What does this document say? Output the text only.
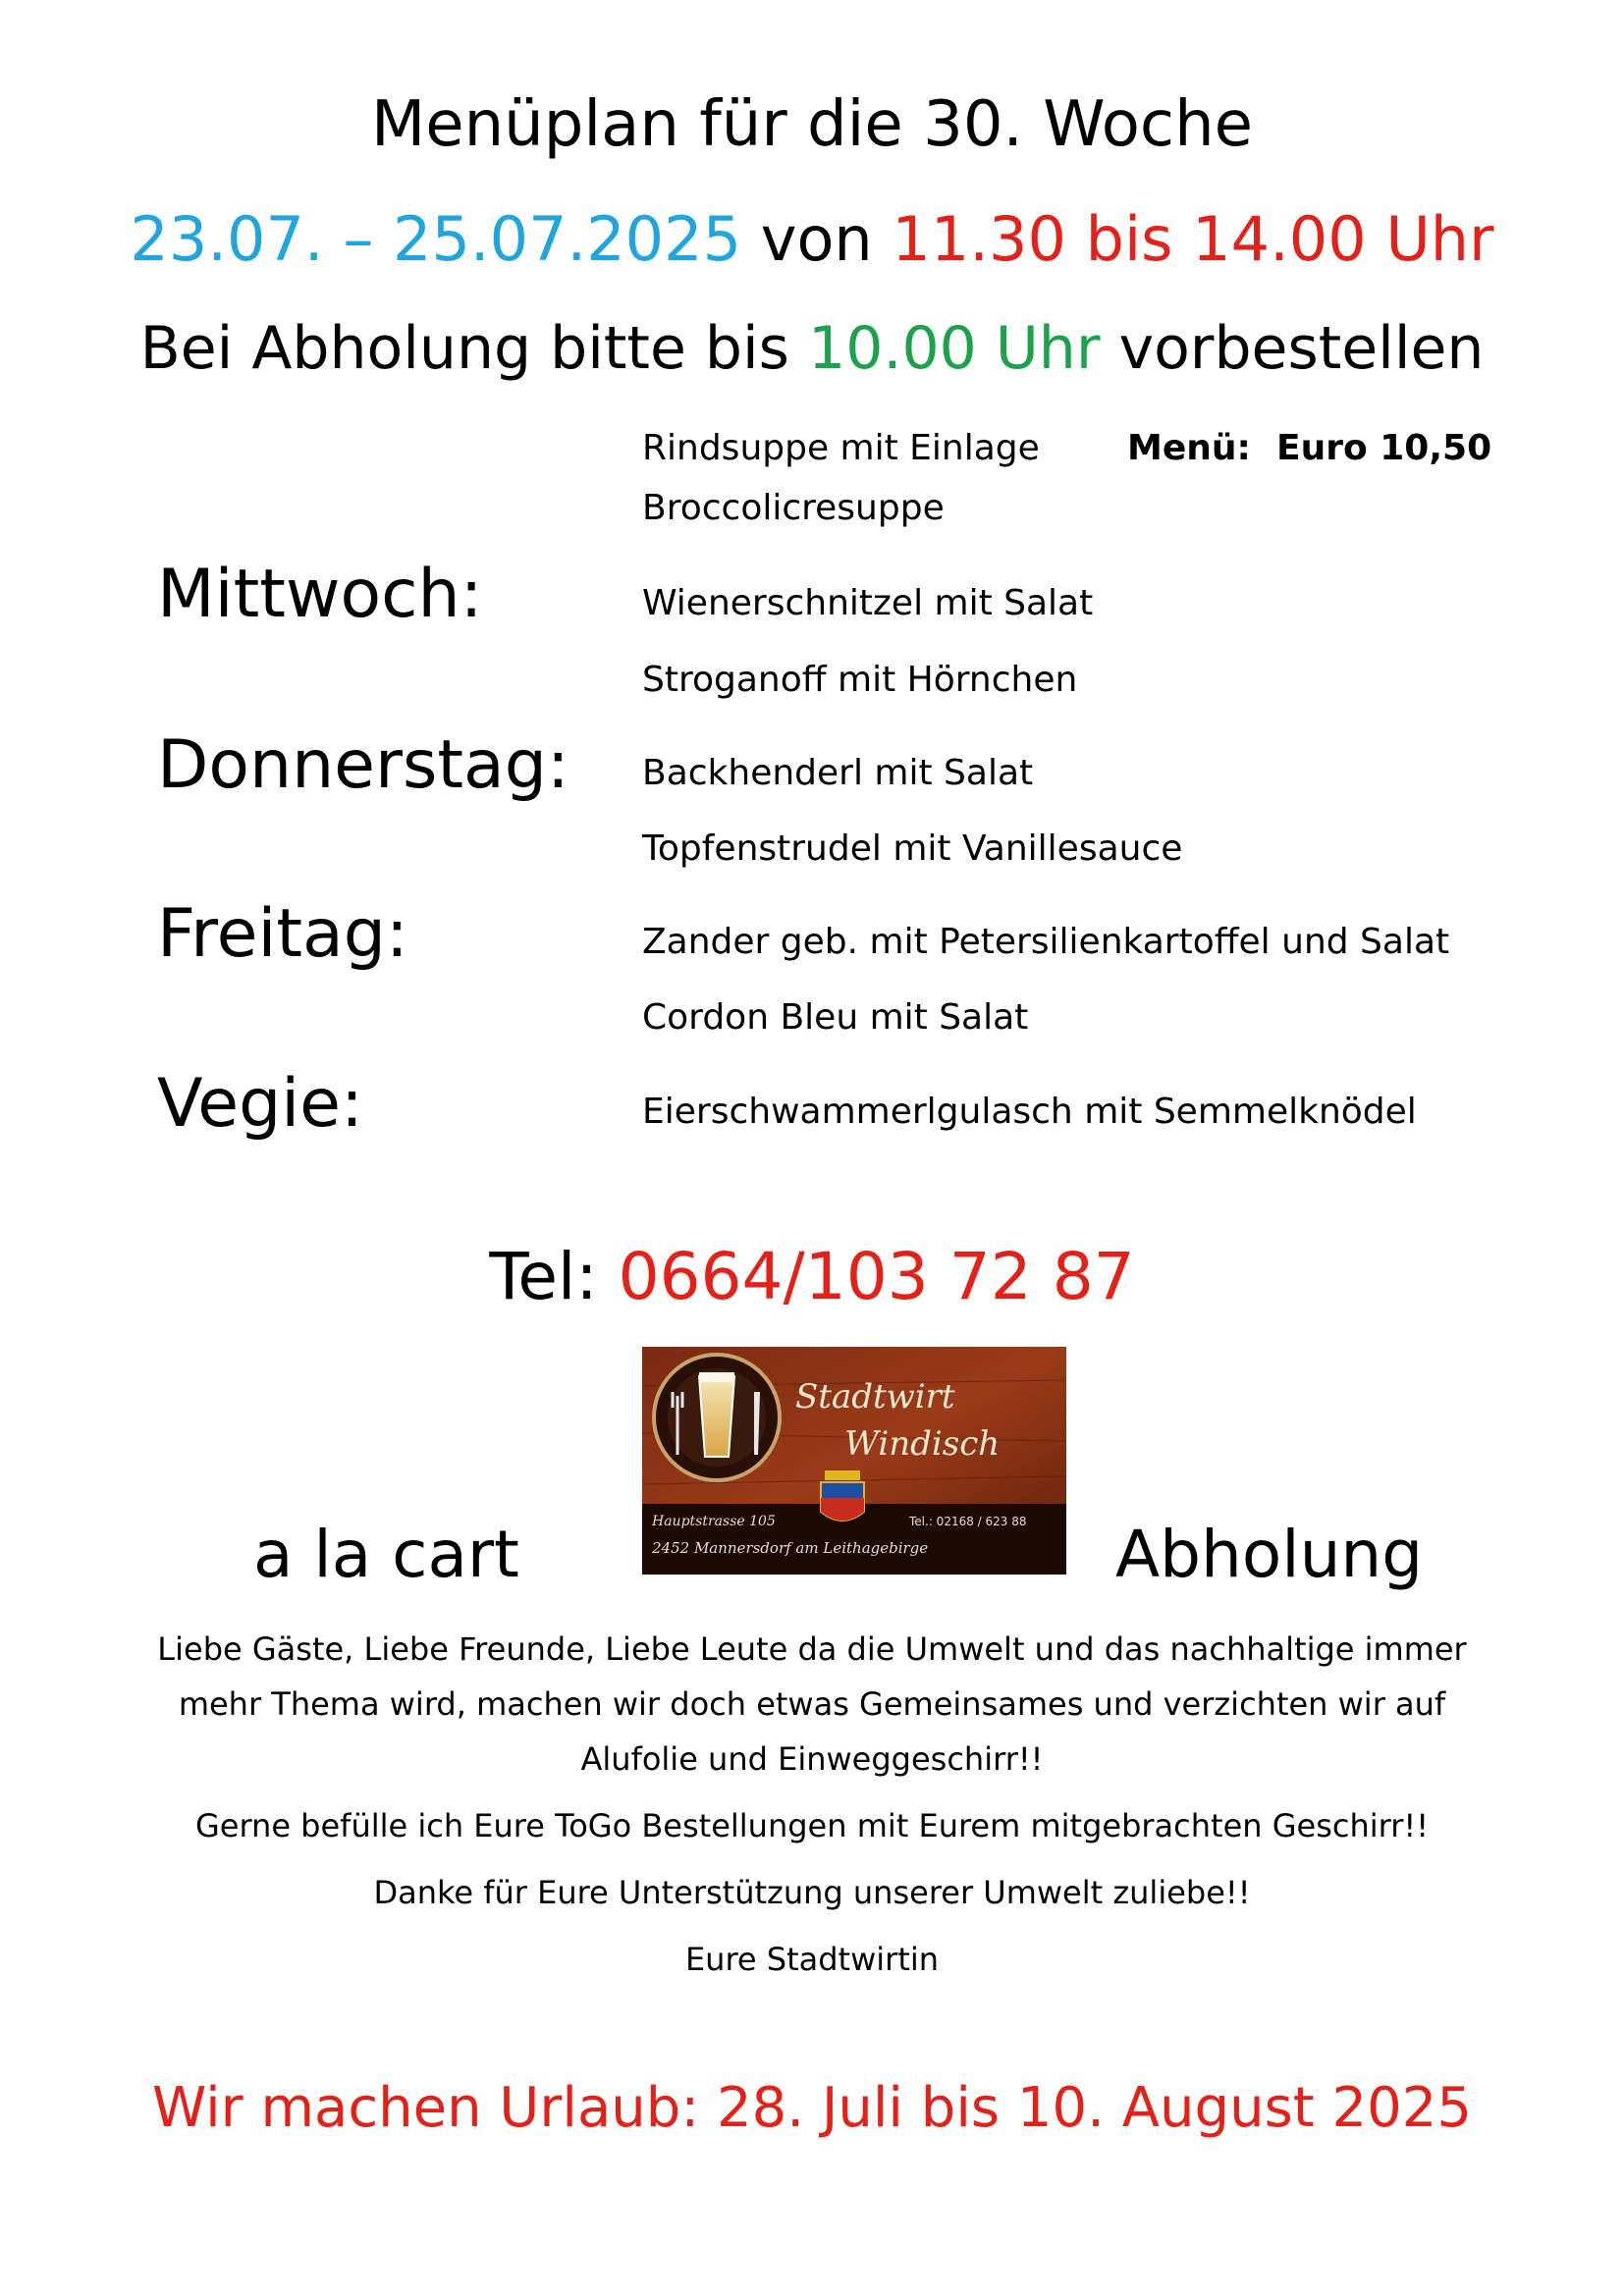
Menüplan für die 30. Woche
23.07. – 25.07.2025 von 11.30 bis 14.00 Uhr
Bei Abholung bitte bis 10.00 Uhr vorbestellen
Rindsuppe mit Einlage
Broccolicresuppe
Menü: Euro 10,50
Mittwoch:	Wienerschnitzel mit Salat
Stroganoff mit Hörnchen
Donnerstag: Backhenderl mit Salat
Topfenstrudel mit Vanillesauce
Freitag:	Zander geb. mit Petersilienkartoffel und Salat
Cordon Bleu mit Salat
Vegie:	Eierschwammerlgulasch mit Semmelknödel
Tel: 0664/103 72 87
Stadtwirt
Windisch
Hauptstrasse 105	Tel.: 02168 / 623 88
2452 Mannersdorf am Leithagebirge
a la cart	Abholung
Liebe Gäste, Liebe Freunde, Liebe Leute da die Umwelt und das nachhaltige immer
mehr Thema wird, machen wir doch etwas Gemeinsames und verzichten wir auf
Alufolie und Einweggeschirr!!
Gerne befülle ich Eure ToGo Bestellungen mit Eurem mitgebrachten Geschirr!!
Danke für Eure Unterstützung unserer Umwelt zuliebe!!
Eure Stadtwirtin
Wir machen Urlaub: 28. Juli bis 10. August 2025
